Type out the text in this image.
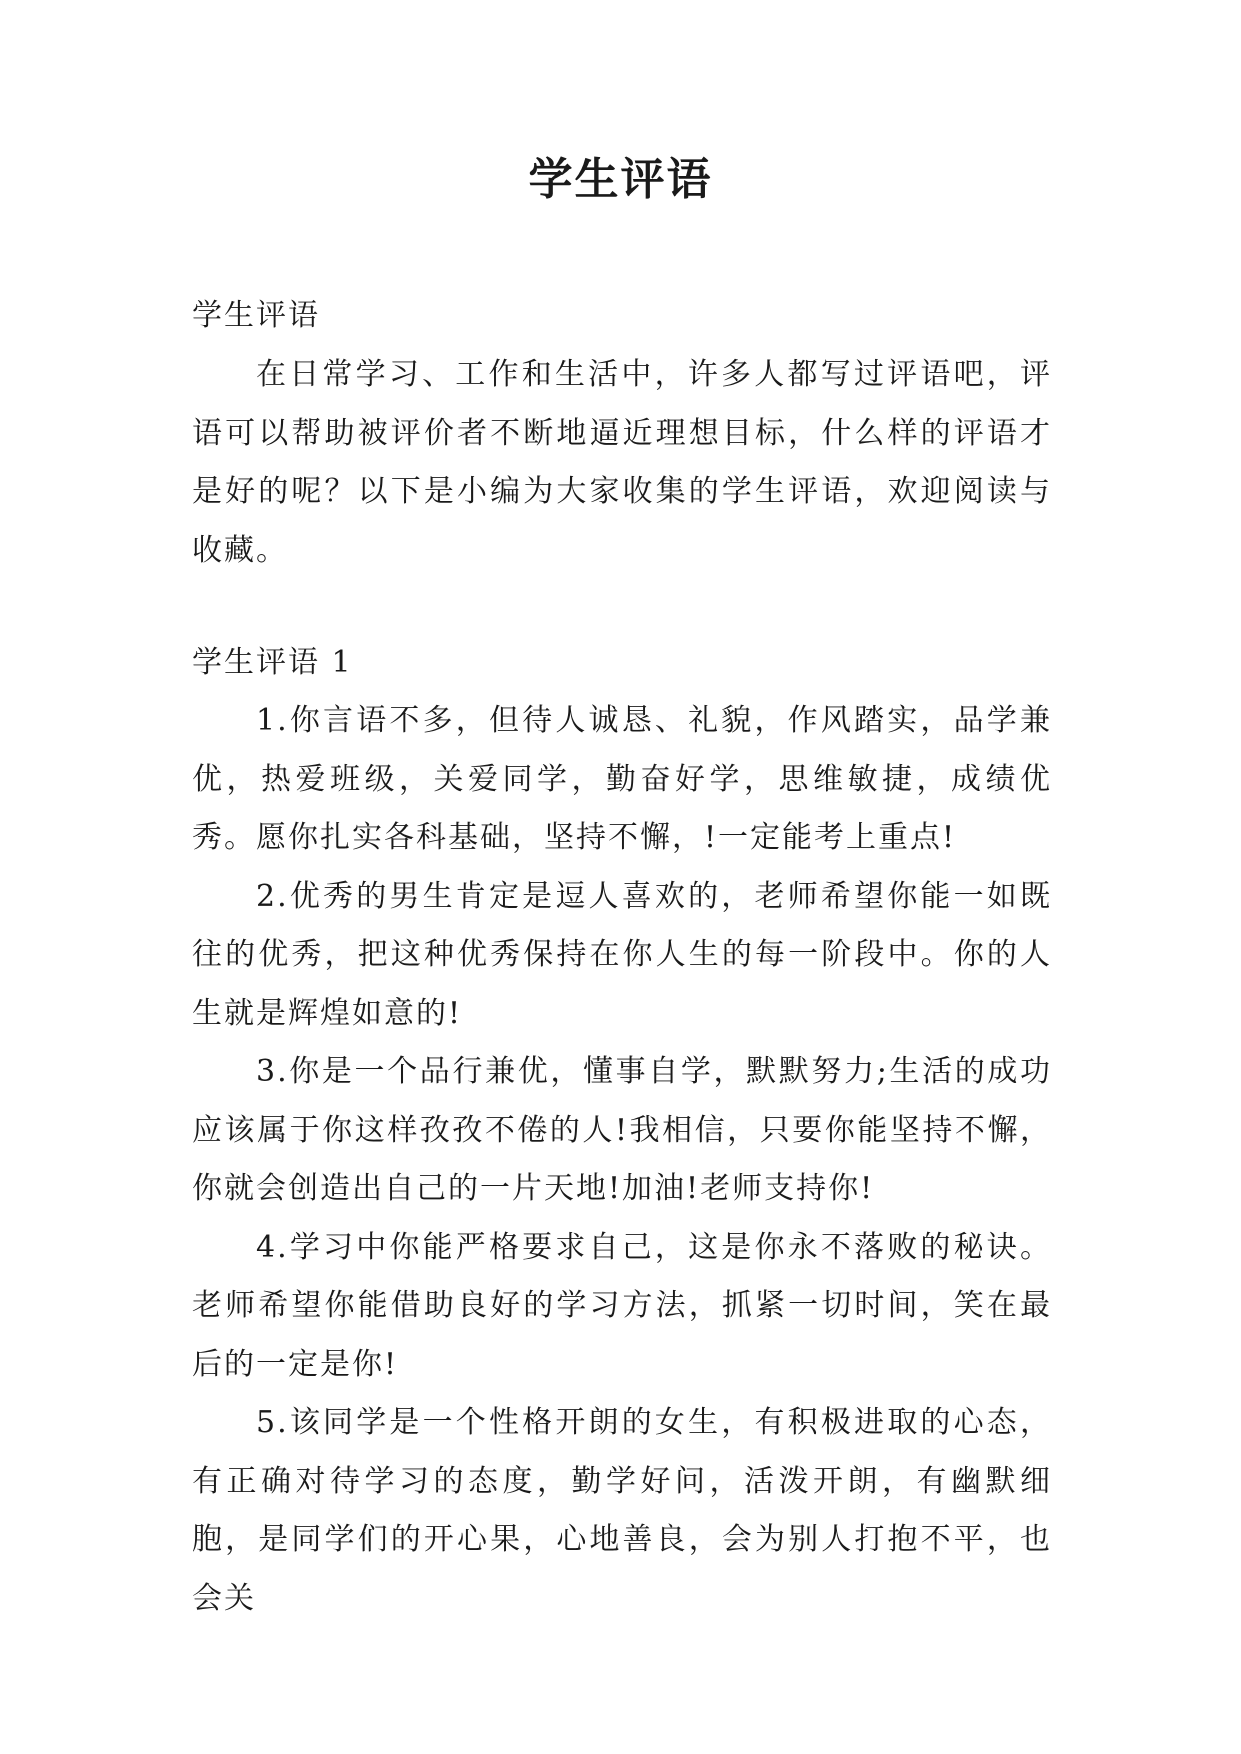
学生评语

学生评语

在日常学习、工作和生活中，许多人都写过评语吧，评语可以帮助被评价者不断地逼近理想目标，什么样的评语才是好的呢？以下是小编为大家收集的学生评语，欢迎阅读与收藏。

学生评语 1

1.你言语不多，但待人诚恳、礼貌，作风踏实，品学兼优，热爱班级，关爱同学，勤奋好学，思维敏捷，成绩优秀。愿你扎实各科基础，坚持不懈，!一定能考上重点!

2.优秀的男生肯定是逗人喜欢的，老师希望你能一如既往的优秀，把这种优秀保持在你人生的每一阶段中。你的人生就是辉煌如意的!

3.你是一个品行兼优，懂事自学，默默努力;生活的成功应该属于你这样孜孜不倦的人!我相信，只要你能坚持不懈，你就会创造出自己的一片天地!加油!老师支持你!

4.学习中你能严格要求自己，这是你永不落败的秘诀。老师希望你能借助良好的学习方法，抓紧一切时间，笑在最后的一定是你!

5.该同学是一个性格开朗的女生，有积极进取的心态，有正确对待学习的态度，勤学好问，活泼开朗，有幽默细胞，是同学们的开心果，心地善良，会为别人打抱不平，也会关
